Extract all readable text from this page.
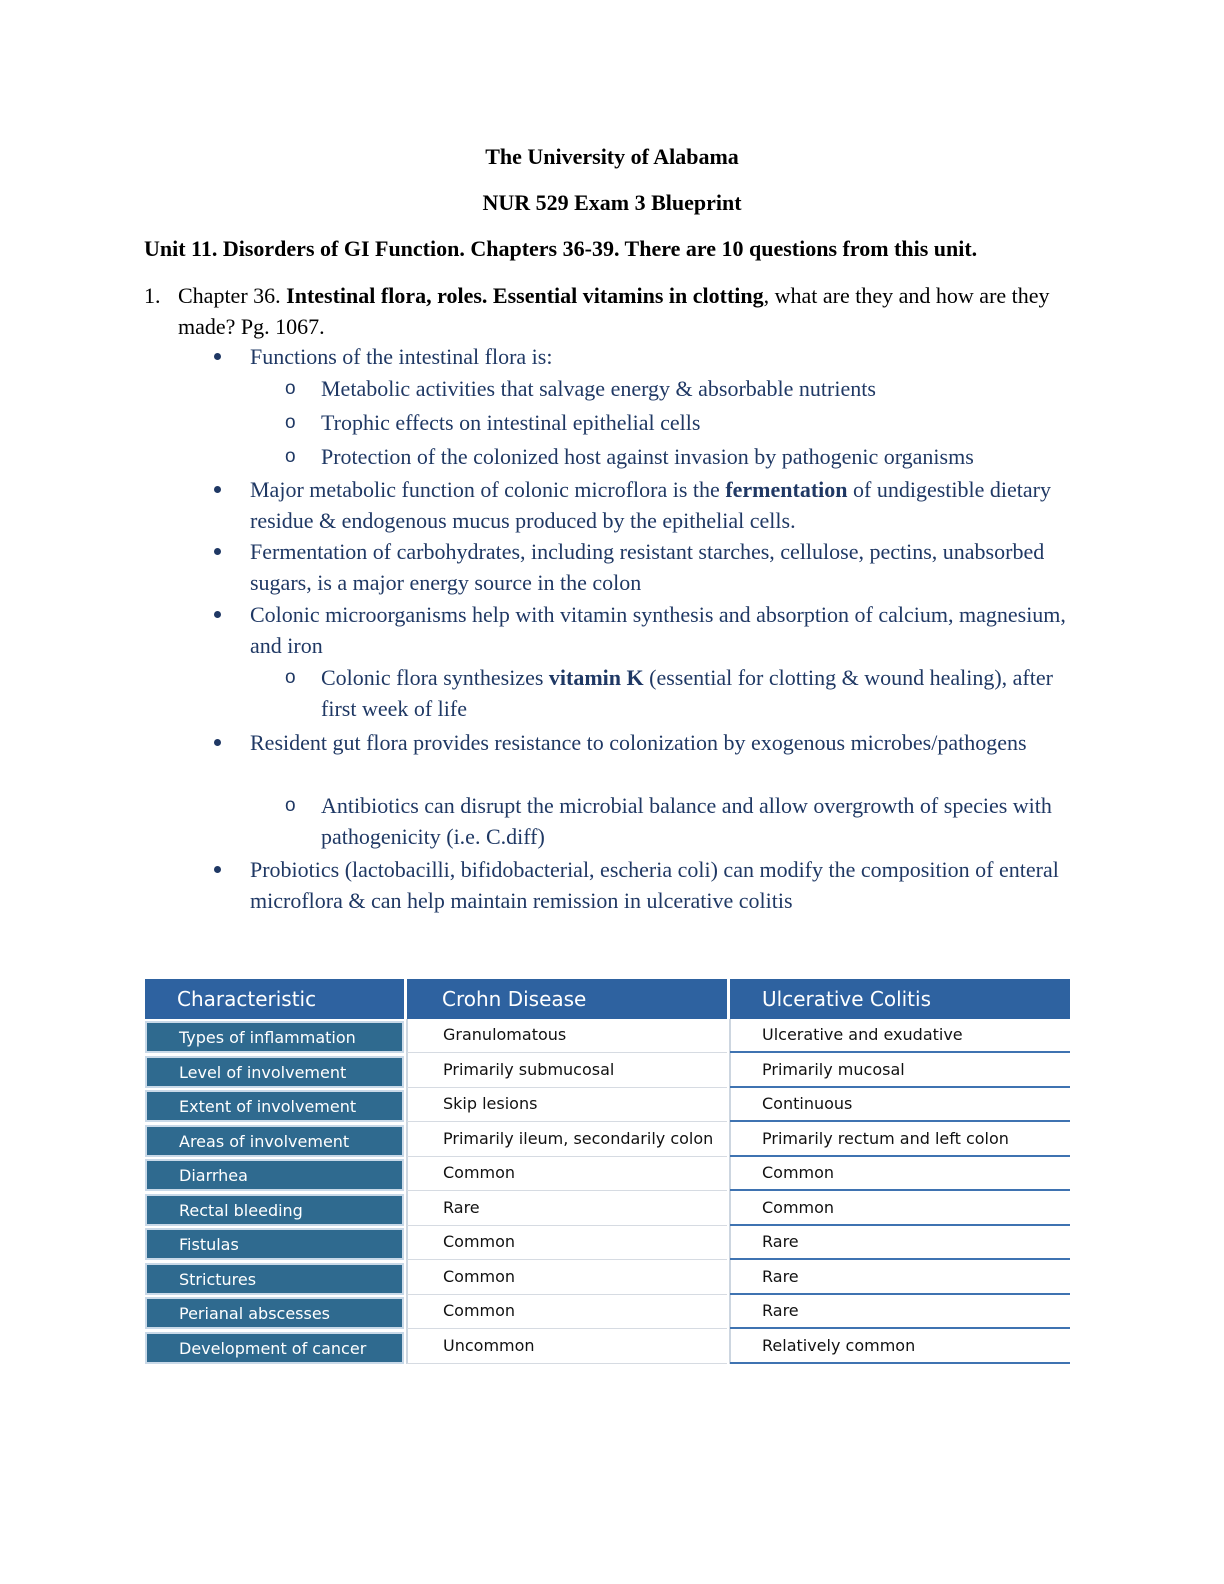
The University of Alabama
NUR 529 Exam 3 Blueprint
Unit 11. Disorders of GI Function. Chapters 36-39. There are 10 questions from this unit.
1. Chapter 36. Intestinal flora, roles. Essential vitamins in clotting, what are they and how are they made? Pg. 1067.
Functions of the intestinal flora is:
o Metabolic activities that salvage energy & absorbable nutrients
o Trophic effects on intestinal epithelial cells
o Protection of the colonized host against invasion by pathogenic organisms
Major metabolic function of colonic microflora is the fermentation of undigestible dietary residue & endogenous mucus produced by the epithelial cells.
Fermentation of carbohydrates, including resistant starches, cellulose, pectins, unabsorbed sugars, is a major energy source in the colon
Colonic microorganisms help with vitamin synthesis and absorption of calcium, magnesium, and iron
o Colonic flora synthesizes vitamin K (essential for clotting & wound healing), after first week of life
Resident gut flora provides resistance to colonization by exogenous microbes/pathogens
o Antibiotics can disrupt the microbial balance and allow overgrowth of species with pathogenicity (i.e. C.diff)
Probiotics (lactobacilli, bifidobacterial, escheria coli) can modify the composition of enteral microflora & can help maintain remission in ulcerative colitis
Characteristic	Crohn Disease	Ulcerative Colitis
Types of inflammation	Granulomatous	Ulcerative and exudative
Level of involvement	Primarily submucosal	Primarily mucosal
Extent of involvement	Skip lesions	Continuous
Areas of involvement	Primarily ileum, secondarily colon	Primarily rectum and left colon
Diarrhea	Common	Common
Rectal bleeding	Rare	Common
Fistulas	Common	Rare
Strictures	Common	Rare
Perianal abscesses	Common	Rare
Development of cancer	Uncommon	Relatively common
